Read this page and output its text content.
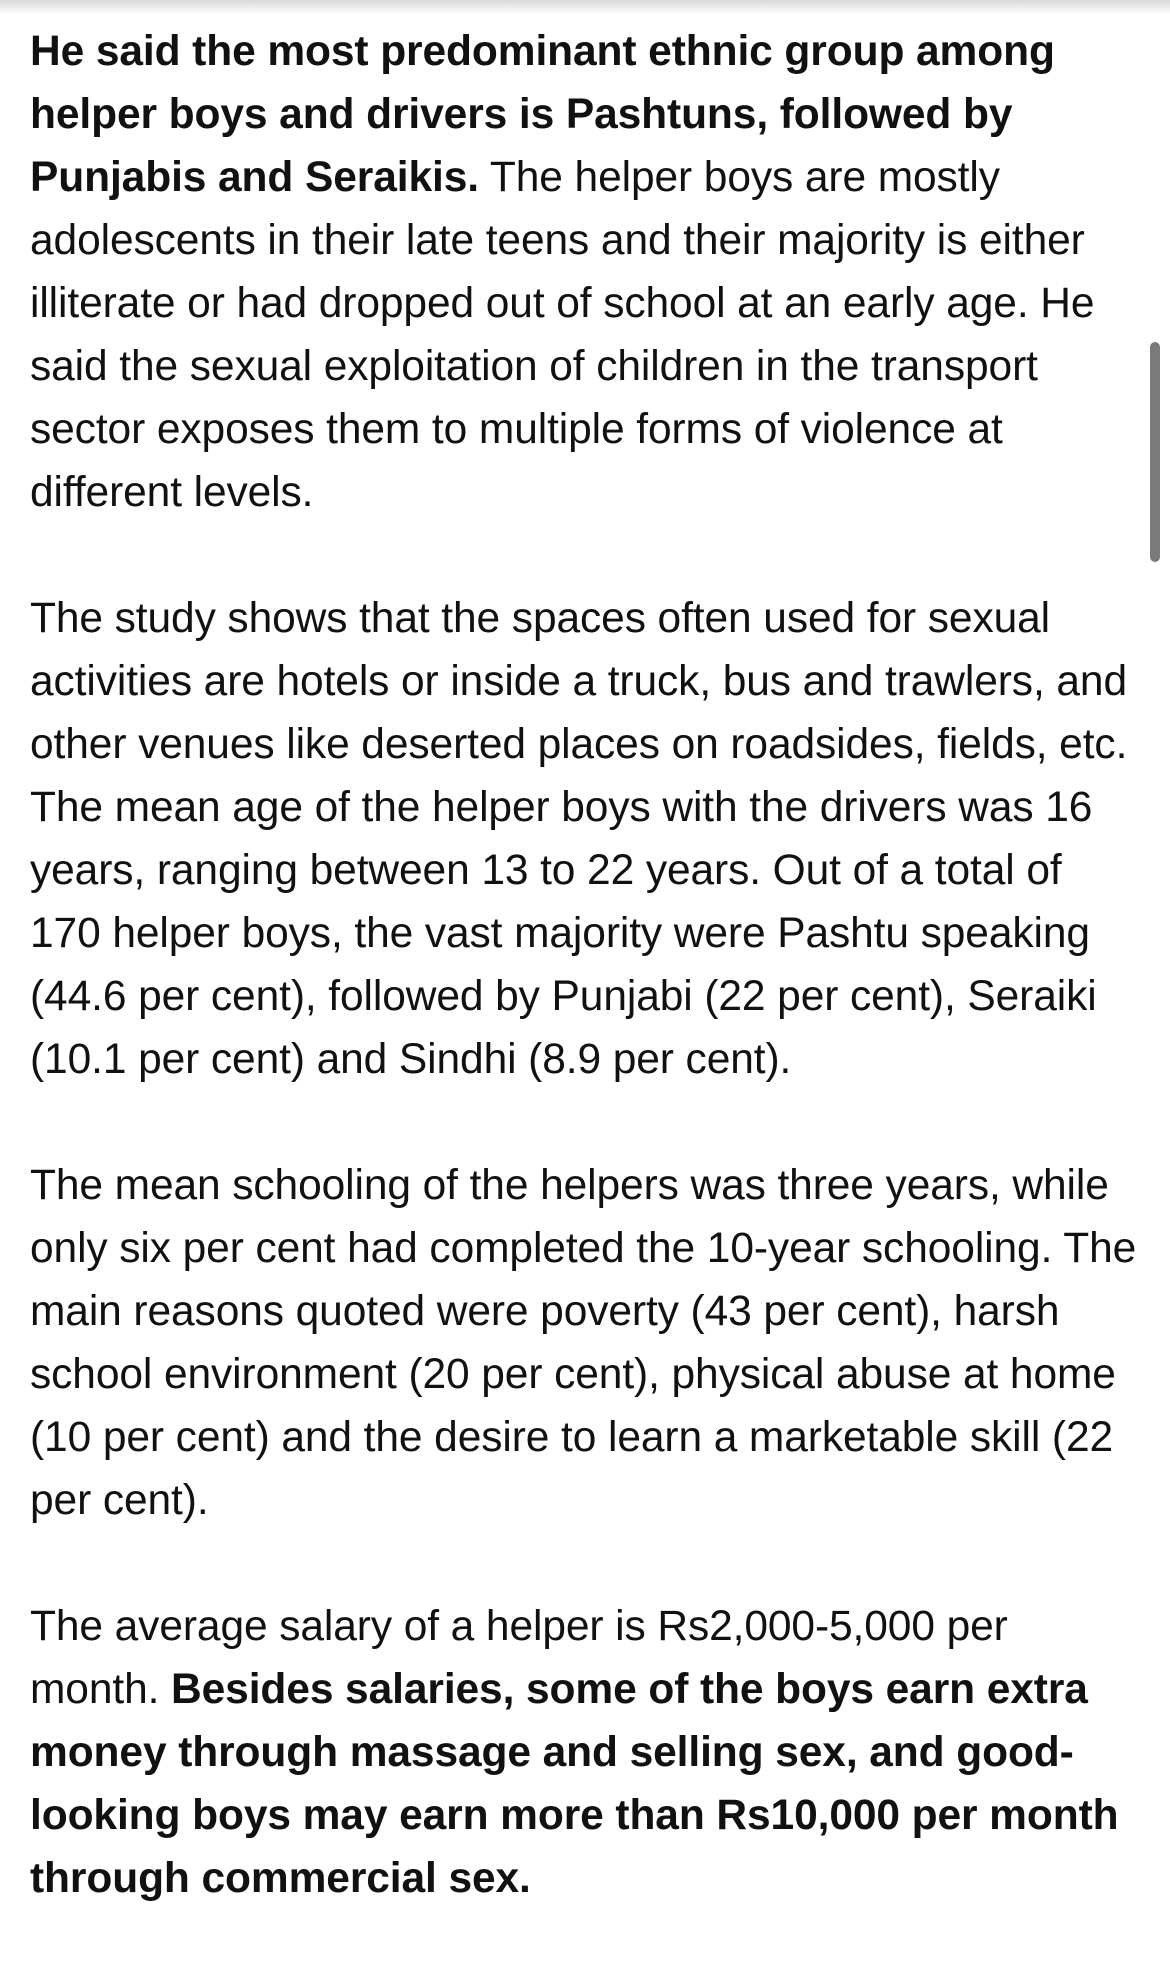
He said the most predominant ethnic group among helper boys and drivers is Pashtuns, followed by Punjabis and Seraikis. The helper boys are mostly adolescents in their late teens and their majority is either illiterate or had dropped out of school at an early age. He said the sexual exploitation of children in the transport sector exposes them to multiple forms of violence at different levels.

The study shows that the spaces often used for sexual activities are hotels or inside a truck, bus and trawlers, and other venues like deserted places on roadsides, fields, etc. The mean age of the helper boys with the drivers was 16 years, ranging between 13 to 22 years. Out of a total of 170 helper boys, the vast majority were Pashtu speaking (44.6 per cent), followed by Punjabi (22 per cent), Seraiki (10.1 per cent) and Sindhi (8.9 per cent).

The mean schooling of the helpers was three years, while only six per cent had completed the 10-year schooling. The main reasons quoted were poverty (43 per cent), harsh school environment (20 per cent), physical abuse at home (10 per cent) and the desire to learn a marketable skill (22 per cent).

The average salary of a helper is Rs2,000-5,000 per month. Besides salaries, some of the boys earn extra money through massage and selling sex, and good-looking boys may earn more than Rs10,000 per month through commercial sex.
